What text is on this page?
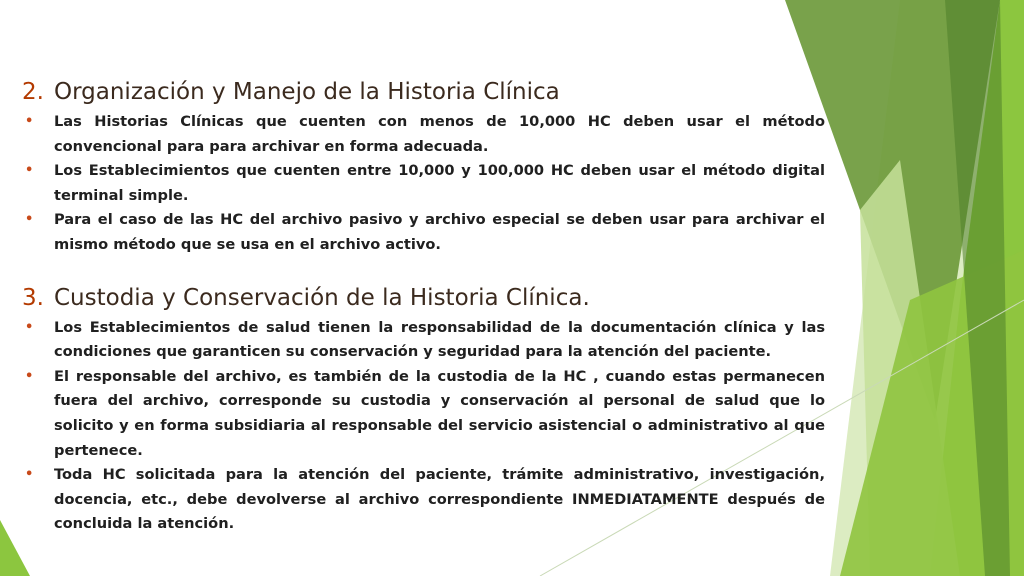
2. Organización y Manejo de la Historia Clínica
• Las Historias Clínicas que cuenten con menos de 10,000 HC deben usar el método convencional para para archivar en forma adecuada.
• Los Establecimientos que cuenten entre 10,000 y 100,000 HC deben usar el método digital terminal simple.
• Para el caso de las HC del archivo pasivo y archivo especial se deben usar para archivar el mismo método que se usa en el archivo activo.
3. Custodia y Conservación de la Historia Clínica.
• Los Establecimientos de salud tienen la responsabilidad de la documentación clínica y las condiciones que garanticen su conservación y seguridad para la atención del paciente.
• El responsable del archivo, es también de la custodia de la HC , cuando estas permanecen fuera del archivo, corresponde su custodia y conservación al personal de salud que lo solicito y en forma subsidiaria al responsable del servicio asistencial o administrativo al que pertenece.
• Toda HC solicitada para la atención del paciente, trámite administrativo, investigación, docencia, etc., debe devolverse al archivo correspondiente INMEDIATAMENTE después de concluida la atención.
